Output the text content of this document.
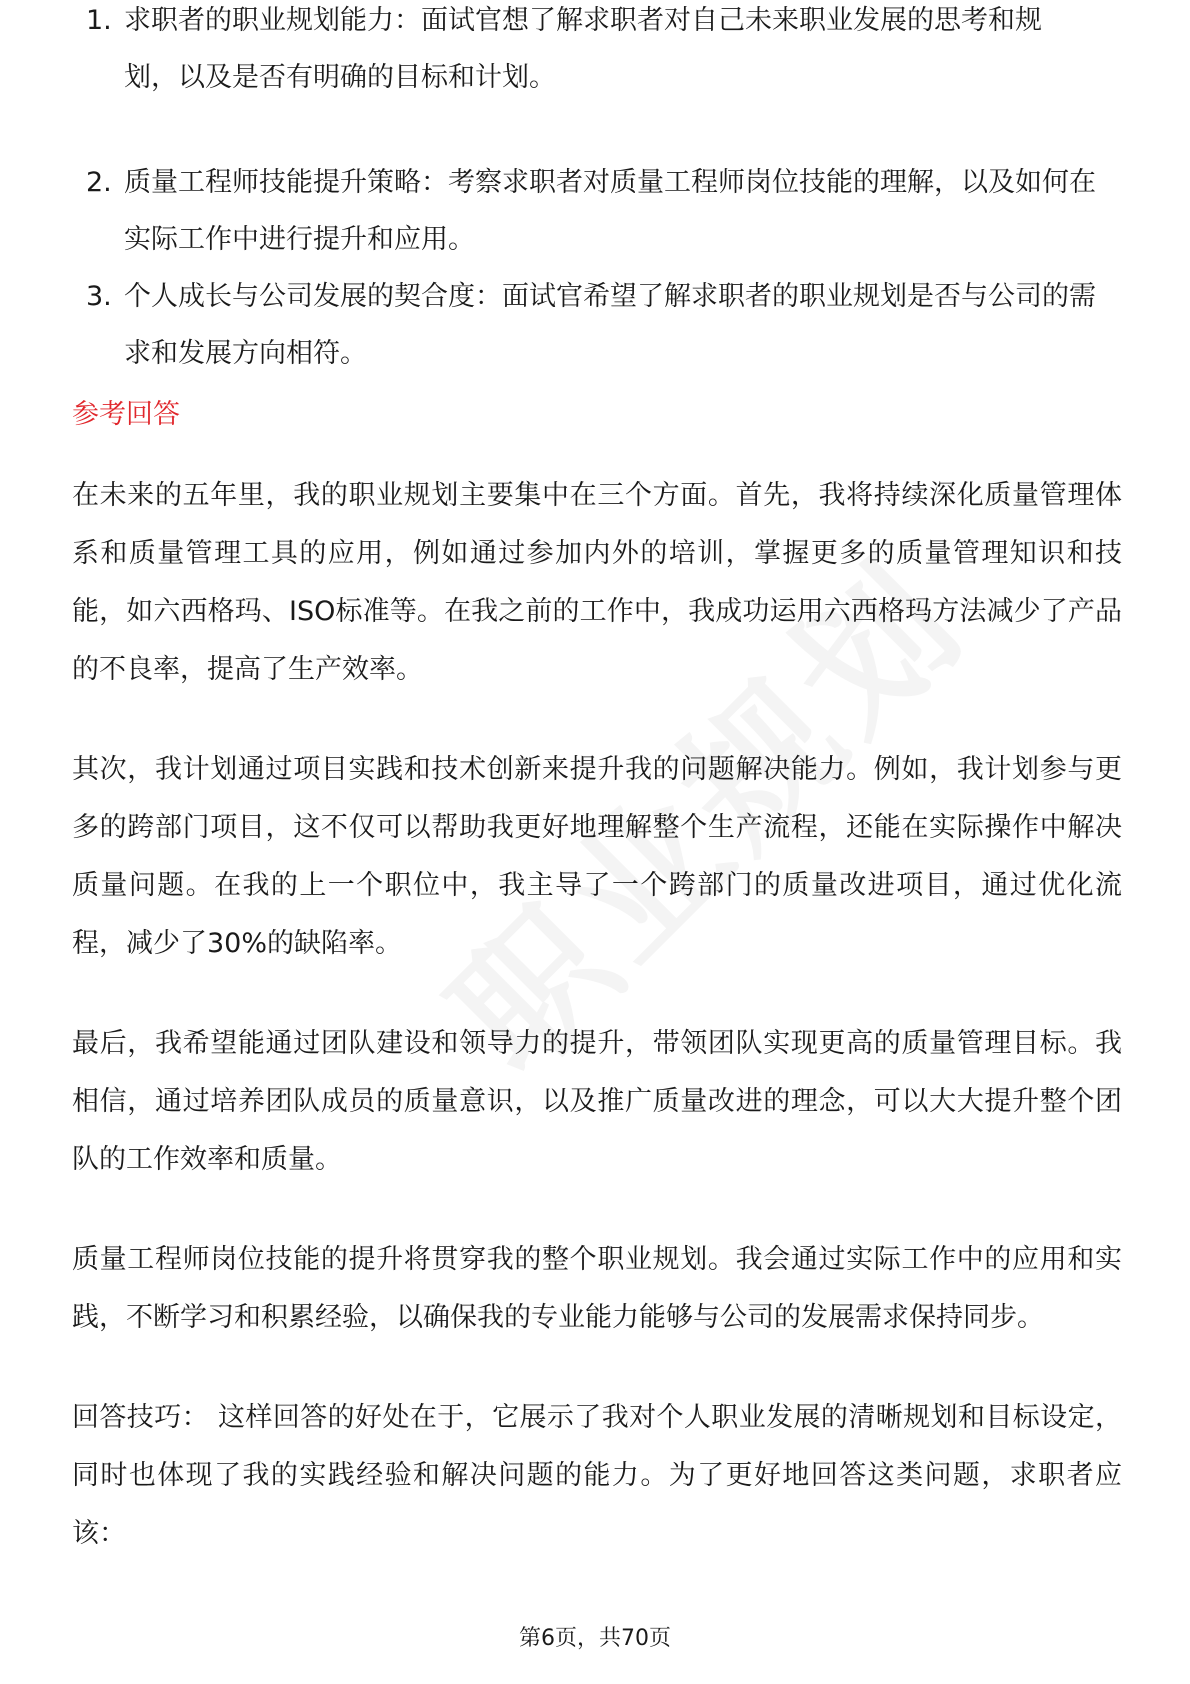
1. 求职者的职业规划能力：面试官想了解求职者对自己未来职业发展的思考和规
划，以及是否有明确的目标和计划。
2. 质量工程师技能提升策略：考察求职者对质量工程师岗位技能的理解，以及如何在实际工作中进行提升和应用。
3. 个人成长与公司发展的契合度：面试官希望了解求职者的职业规划是否与公司的需求和发展方向相符。
参考回答

在未来的五年里，我的职业规划主要集中在三个方面。首先，我将持续深化质量管理体系和质量管理工具的应用，例如通过参加内外的培训，掌握更多的质量管理知识和技能，如六西格玛、ISO标准等。在我之前的工作中，我成功运用六西格玛方法减少了产品的不良率，提高了生产效率。

其次，我计划通过项目实践和技术创新来提升我的问题解决能力。例如，我计划参与更多的跨部门项目，这不仅可以帮助我更好地理解整个生产流程，还能在实际操作中解决质量问题。在我的上一个职位中，我主导了一个跨部门的质量改进项目，通过优化流程，减少了30%的缺陷率。

最后，我希望能通过团队建设和领导力的提升，带领团队实现更高的质量管理目标。我相信，通过培养团队成员的质量意识，以及推广质量改进的理念，可以大大提升整个团队的工作效率和质量。

质量工程师岗位技能的提升将贯穿我的整个职业规划。我会通过实际工作中的应用和实践，不断学习和积累经验，以确保我的专业能力能够与公司的发展需求保持同步。

回答技巧： 这样回答的好处在于，它展示了我对个人职业发展的清晰规划和目标设定，同时也体现了我的实践经验和解决问题的能力。为了更好地回答这类问题，求职者应该：

第6页，共70页
